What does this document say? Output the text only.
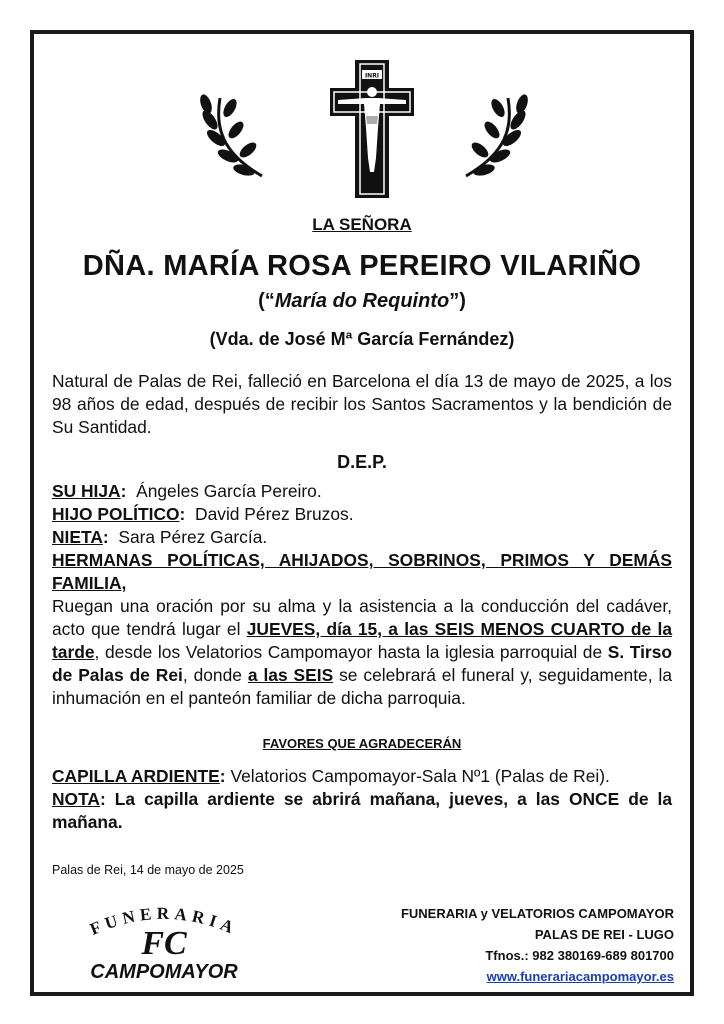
INRI
LA SEÑORA
DÑA. MARÍA ROSA PEREIRO VILARIÑO
(“María do Requinto”)
(Vda. de José Mª García Fernández)
Natural de Palas de Rei, falleció en Barcelona el día 13 de mayo de 2025, a los 98 años de edad, después de recibir los Santos Sacramentos y la bendición de Su Santidad.
D.E.P.
SU HIJA: Ángeles García Pereiro.
HIJO POLÍTICO: David Pérez Bruzos.
NIETA: Sara Pérez García.
HERMANAS POLÍTICAS, AHIJADOS, SOBRINOS, PRIMOS Y DEMÁS
FAMILIA,
Ruegan una oración por su alma y la asistencia a la conducción del cadáver, acto que tendrá lugar el JUEVES, día 15, a las SEIS MENOS CUARTO de la tarde, desde los Velatorios Campomayor hasta la iglesia parroquial de S. Tirso de Palas de Rei, donde a las SEIS se celebrará el funeral y, seguidamente, la inhumación en el panteón familiar de dicha parroquia.
FAVORES QUE AGRADECERÁN
CAPILLA ARDIENTE: Velatorios Campomayor-Sala Nº1 (Palas de Rei).
NOTA: La capilla ardiente se abrirá mañana, jueves, a las ONCE de la mañana.
Palas de Rei, 14 de mayo de 2025
FUNERARIA
FC
CAMPOMAYOR
FUNERARIA y VELATORIOS CAMPOMAYOR
PALAS DE REI - LUGO
Tfnos.: 982 380169-689 801700
www.funerariacampomayor.es
